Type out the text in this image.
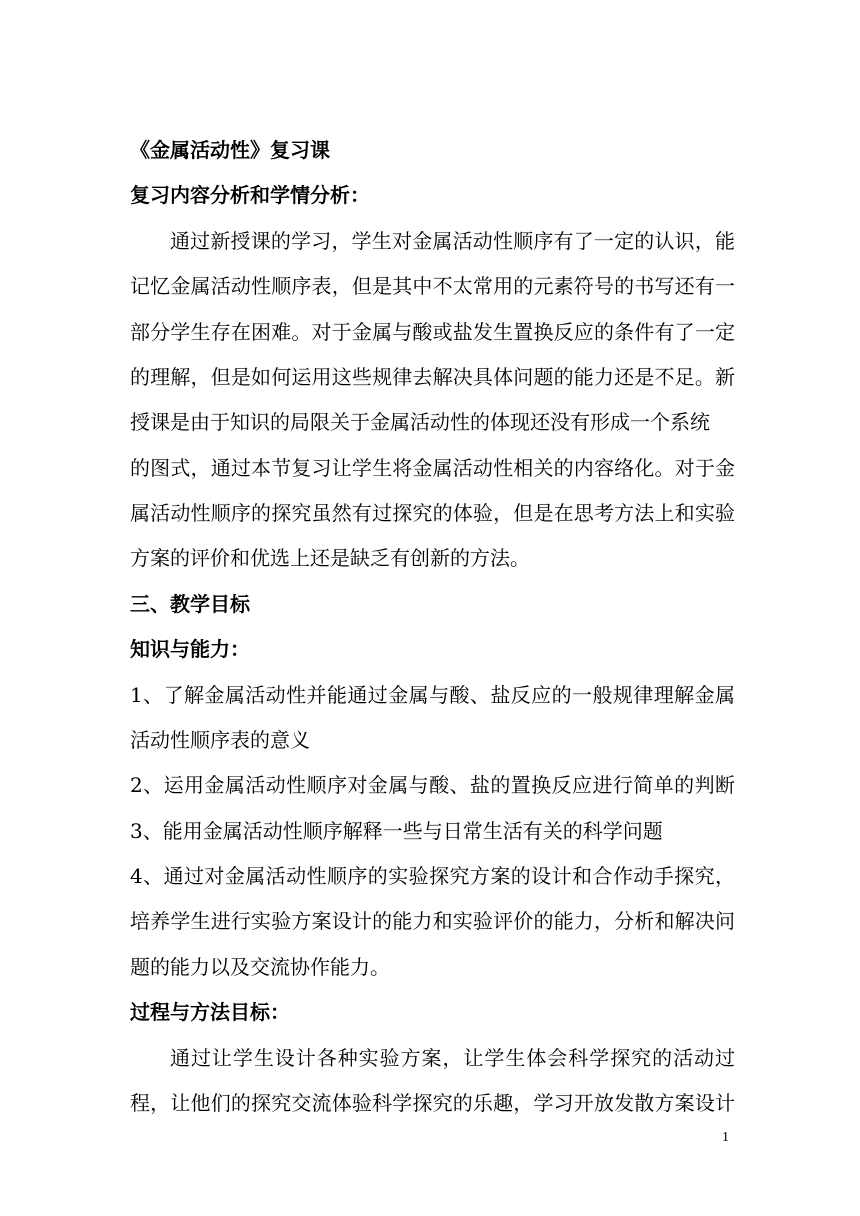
《金属活动性》复习课
复习内容分析和学情分析：
通过新授课的学习，学生对金属活动性顺序有了一定的认识，能
记忆金属活动性顺序表，但是其中不太常用的元素符号的书写还有一
部分学生存在困难。对于金属与酸或盐发生置换反应的条件有了一定
的理解，但是如何运用这些规律去解决具体问题的能力还是不足。新
授课是由于知识的局限关于金属活动性的体现还没有形成一个系统
的图式，通过本节复习让学生将金属活动性相关的内容络化。对于金
属活动性顺序的探究虽然有过探究的体验，但是在思考方法上和实验
方案的评价和优选上还是缺乏有创新的方法。
三、教学目标
知识与能力：
1、了解金属活动性并能通过金属与酸、盐反应的一般规律理解金属
活动性顺序表的意义
2、运用金属活动性顺序对金属与酸、盐的置换反应进行简单的判断
3、能用金属活动性顺序解释一些与日常生活有关的科学问题
4、通过对金属活动性顺序的实验探究方案的设计和合作动手探究，
培养学生进行实验方案设计的能力和实验评价的能力，分析和解决问
题的能力以及交流协作能力。
过程与方法目标：
通过让学生设计各种实验方案，让学生体会科学探究的活动过
程，让他们的探究交流体验科学探究的乐趣，学习开放发散方案设计
1
